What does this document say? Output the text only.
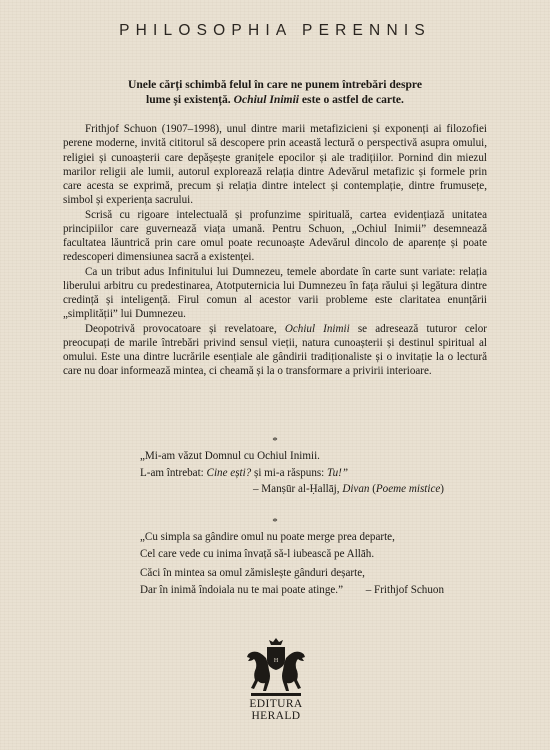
PHILOSOPHIA PERENNIS
Unele cărți schimbă felul în care ne punem întrebări despre
lume și existență. Ochiul Inimii este o astfel de carte.

Frithjof Schuon (1907–1998), unul dintre marii metafizicieni și exponenți ai filozofiei perene moderne, invită cititorul să descopere prin această lectură o perspectivă asupra omului, religiei și cunoașterii care depășește granițele epocilor și ale tradițiilor. Pornind din miezul marilor religii ale lumii, autorul explorează relația dintre Adevărul metafizic și formele prin care acesta se exprimă, precum și relația dintre intelect și contemplație, dintre frumusețe, simbol și experiența sacrului.

Scrisă cu rigoare intelectuală și profunzime spirituală, cartea evidențiază unitatea principiilor care guvernează viața umană. Pentru Schuon, „Ochiul Inimii” desemnează facultatea lăuntrică prin care omul poate recunoaște Adevărul dincolo de aparențe și poate redescoperi dimensiunea sacră a existenței.

Ca un tribut adus Infinitului lui Dumnezeu, temele abordate în carte sunt variate: relația liberului arbitru cu predestinarea, Atotputernicia lui Dumnezeu în fața răului și legătura dintre credință și inteligență. Firul comun al acestor varii probleme este claritatea enunțării „simplității” lui Dumnezeu.

Deopotrivă provocatoare și revelatoare, Ochiul Inimii se adresează tuturor celor preocupați de marile întrebări privind sensul vieții, natura cunoașterii și destinul spiritual al omului. Este una dintre lucrările esențiale ale gândirii tradiționaliste și o invitație la o lectură care nu doar informează mintea, ci cheamă și la o transformare a privirii interioare.

*
„Mi-am văzut Domnul cu Ochiul Inimii.
L-am întrebat: Cine ești? și mi-a răspuns: Tu!”
– Manṣūr al-Ḥallāj, Divan (Poeme mistice)
*
„Cu simpla sa gândire omul nu poate merge prea departe,
Cel care vede cu inima învață să-l iubească pe Allāh.
Căci în mintea sa omul zămislește gânduri deșarte,
Dar în inimă îndoiala nu te mai poate atinge.”	– Frithjof Schuon
H
EDITURA
HERALD
